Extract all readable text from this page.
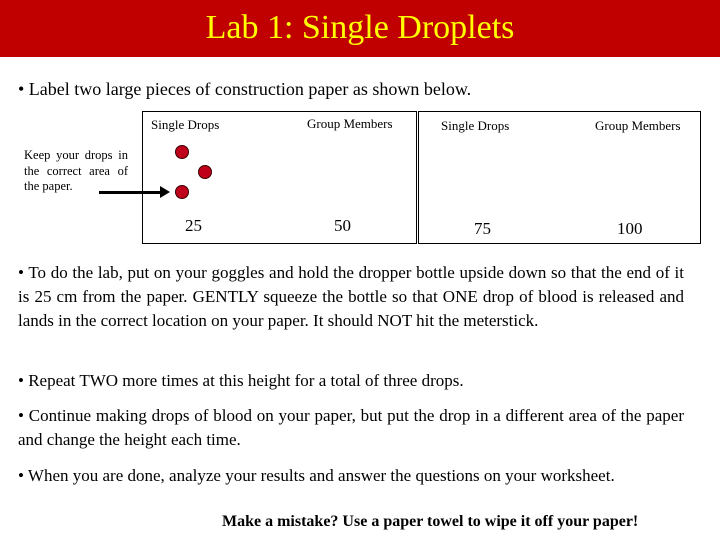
Lab 1: Single Droplets
• Label two large pieces of construction paper as shown below.
Single Drops	Group Members
25	50
Single Drops	Group Members
75	100
Keep your drops in the correct area of the paper.
• To do the lab, put on your goggles and hold the dropper bottle upside down so that the end of it is 25 cm from the paper. GENTLY squeeze the bottle so that ONE drop of blood is released and lands in the correct location on your paper. It should NOT hit the meterstick.
• Repeat TWO more times at this height for a total of three drops.
• Continue making drops of blood on your paper, but put the drop in a different area of the paper and change the height each time.
• When you are done, analyze your results and answer the questions on your worksheet.
Make a mistake? Use a paper towel to wipe it off your paper!
